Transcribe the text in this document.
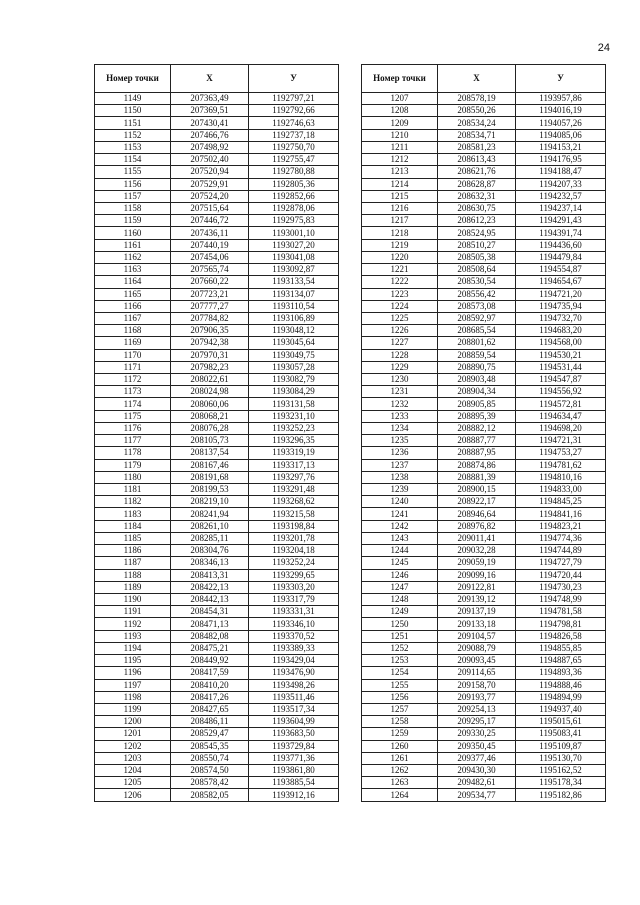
24
Номер точки	X	У
1149	207363,49	1192797,21
1150	207369,51	1192792,66
1151	207430,41	1192746,63
1152	207466,76	1192737,18
1153	207498,92	1192750,70
1154	207502,40	1192755,47
1155	207520,94	1192780,88
1156	207529,91	1192805,36
1157	207524,20	1192852,66
1158	207515,64	1192878,06
1159	207446,72	1192975,83
1160	207436,11	1193001,10
1161	207440,19	1193027,20
1162	207454,06	1193041,08
1163	207565,74	1193092,87
1164	207660,22	1193133,54
1165	207723,21	1193134,07
1166	207777,27	1193110,54
1167	207784,82	1193106,89
1168	207906,35	1193048,12
1169	207942,38	1193045,64
1170	207970,31	1193049,75
1171	207982,23	1193057,28
1172	208022,61	1193082,79
1173	208024,98	1193084,29
1174	208060,06	1193131,58
1175	208068,21	1193231,10
1176	208076,28	1193252,23
1177	208105,73	1193296,35
1178	208137,54	1193319,19
1179	208167,46	1193317,13
1180	208191,68	1193297,76
1181	208199,53	1193291,48
1182	208219,10	1193268,62
1183	208241,94	1193215,58
1184	208261,10	1193198,84
1185	208285,11	1193201,78
1186	208304,76	1193204,18
1187	208346,13	1193252,24
1188	208413,31	1193299,65
1189	208422,13	1193303,20
1190	208442,13	1193317,79
1191	208454,31	1193331,31
1192	208471,13	1193346,10
1193	208482,08	1193370,52
1194	208475,21	1193389,33
1195	208449,92	1193429,04
1196	208417,59	1193476,90
1197	208410,20	1193498,26
1198	208417,26	1193511,46
1199	208427,65	1193517,34
1200	208486,11	1193604,99
1201	208529,47	1193683,50
1202	208545,35	1193729,84
1203	208550,74	1193771,36
1204	208574,50	1193861,80
1205	208578,42	1193885,54
1206	208582,05	1193912,16
Номер точки	X	У
1207	208578,19	1193957,86
1208	208550,26	1194016,19
1209	208534,24	1194057,26
1210	208534,71	1194085,06
1211	208581,23	1194153,21
1212	208613,43	1194176,95
1213	208621,76	1194188,47
1214	208628,87	1194207,33
1215	208632,31	1194232,57
1216	208630,75	1194237,14
1217	208612,23	1194291,43
1218	208524,95	1194391,74
1219	208510,27	1194436,60
1220	208505,38	1194479,84
1221	208508,64	1194554,87
1222	208530,54	1194654,67
1223	208556,42	1194721,20
1224	208573,08	1194735,94
1225	208592,97	1194732,70
1226	208685,54	1194683,20
1227	208801,62	1194568,00
1228	208859,54	1194530,21
1229	208890,75	1194531,44
1230	208903,48	1194547,87
1231	208904,34	1194556,92
1232	208905,85	1194572,81
1233	208895,39	1194634,47
1234	208882,12	1194698,20
1235	208887,77	1194721,31
1236	208887,95	1194753,27
1237	208874,86	1194781,62
1238	208881,39	1194810,16
1239	208900,15	1194833,00
1240	208922,17	1194845,25
1241	208946,64	1194841,16
1242	208976,82	1194823,21
1243	209011,41	1194774,36
1244	209032,28	1194744,89
1245	209059,19	1194727,79
1246	209099,16	1194720,44
1247	209122,81	1194730,23
1248	209139,12	1194748,99
1249	209137,19	1194781,58
1250	209133,18	1194798,81
1251	209104,57	1194826,58
1252	209088,79	1194855,85
1253	209093,45	1194887,65
1254	209114,65	1194893,36
1255	209158,70	1194888,46
1256	209193,77	1194894,99
1257	209254,13	1194937,40
1258	209295,17	1195015,61
1259	209330,25	1195083,41
1260	209350,45	1195109,87
1261	209377,46	1195130,70
1262	209430,30	1195162,52
1263	209482,61	1195178,34
1264	209534,77	1195182,86
